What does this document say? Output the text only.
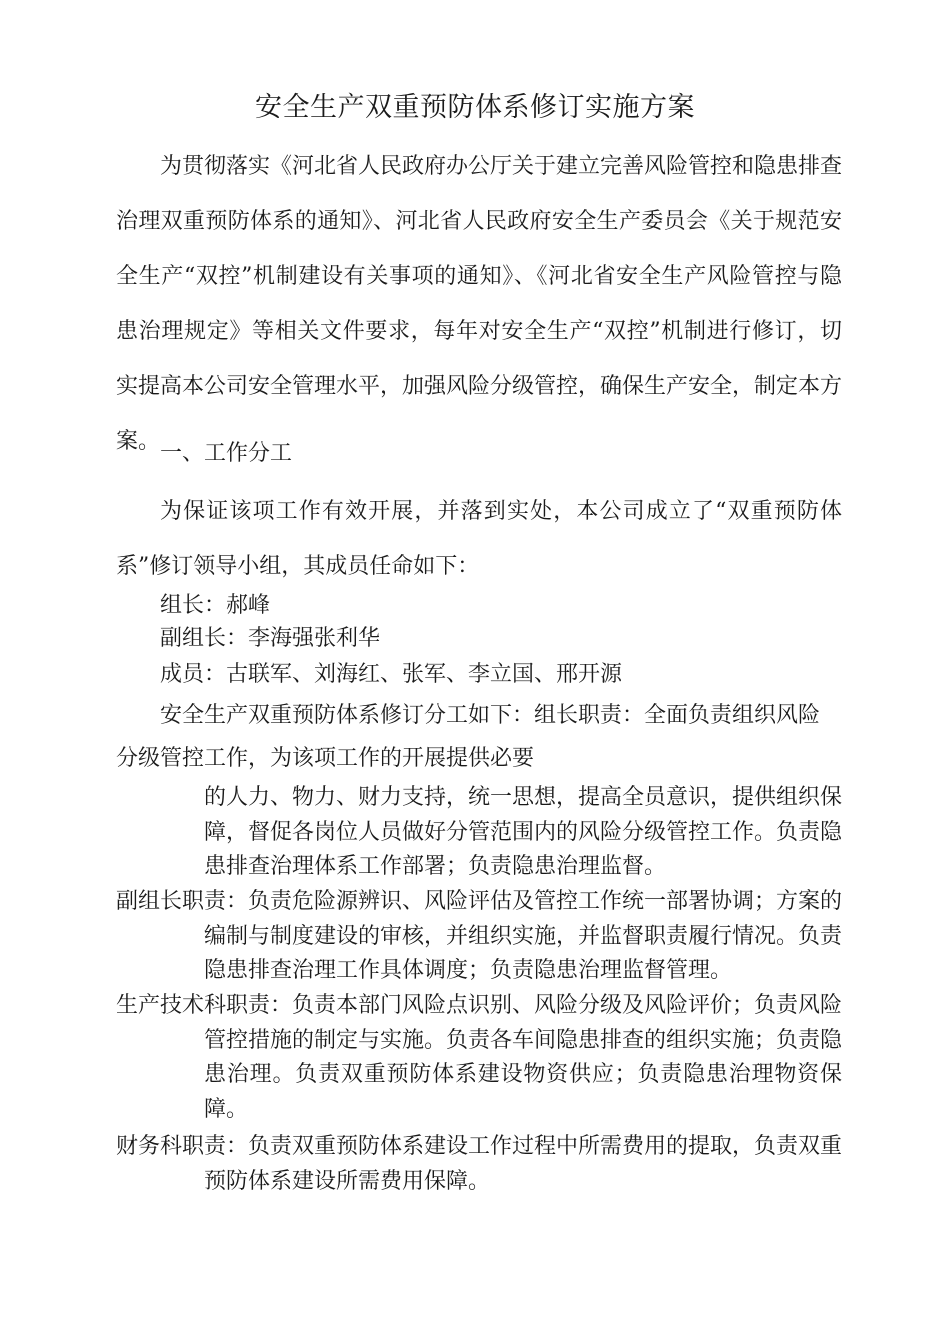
安全生产双重预防体系修订实施方案

为贯彻落实《河北省人民政府办公厅关于建立完善风险管控和隐患排查治理双重预防体系的通知》、河北省人民政府安全生产委员会《关于规范安全生产“双控”机制建设有关事项的通知》、《河北省安全生产风险管控与隐患治理规定》等相关文件要求，每年对安全生产“双控”机制进行修订，切实提高本公司安全管理水平，加强风险分级管控，确保生产安全，制定本方案。 一、工作分工

为保证该项工作有效开展，并落到实处，本公司成立了“双重预防体系”修订领导小组，其成员任命如下：

组长：郝峰

副组长：李海强张利华

成员：古联军、刘海红、张军、李立国、邢开源

安全生产双重预防体系修订分工如下：组长职责：全面负责组织风险

分级管控工作，为该项工作的开展提供必要

的人力、物力、财力支持，统一思想，提高全员意识，提供组织保障，督促各岗位人员做好分管范围内的风险分级管控工作。负责隐患排查治理体系工作部署；负责隐患治理监督。

副组长职责：负责危险源辨识、风险评估及管控工作统一部署协调；方案的编制与制度建设的审核，并组织实施，并监督职责履行情况。负责隐患排查治理工作具体调度；负责隐患治理监督管理。

生产技术科职责：负责本部门风险点识别、风险分级及风险评价；负责风险管控措施的制定与实施。负责各车间隐患排查的组织实施；负责隐患治理。负责双重预防体系建设物资供应；负责隐患治理物资保障。

财务科职责：负责双重预防体系建设工作过程中所需费用的提取，负责双重预防体系建设所需费用保障。
